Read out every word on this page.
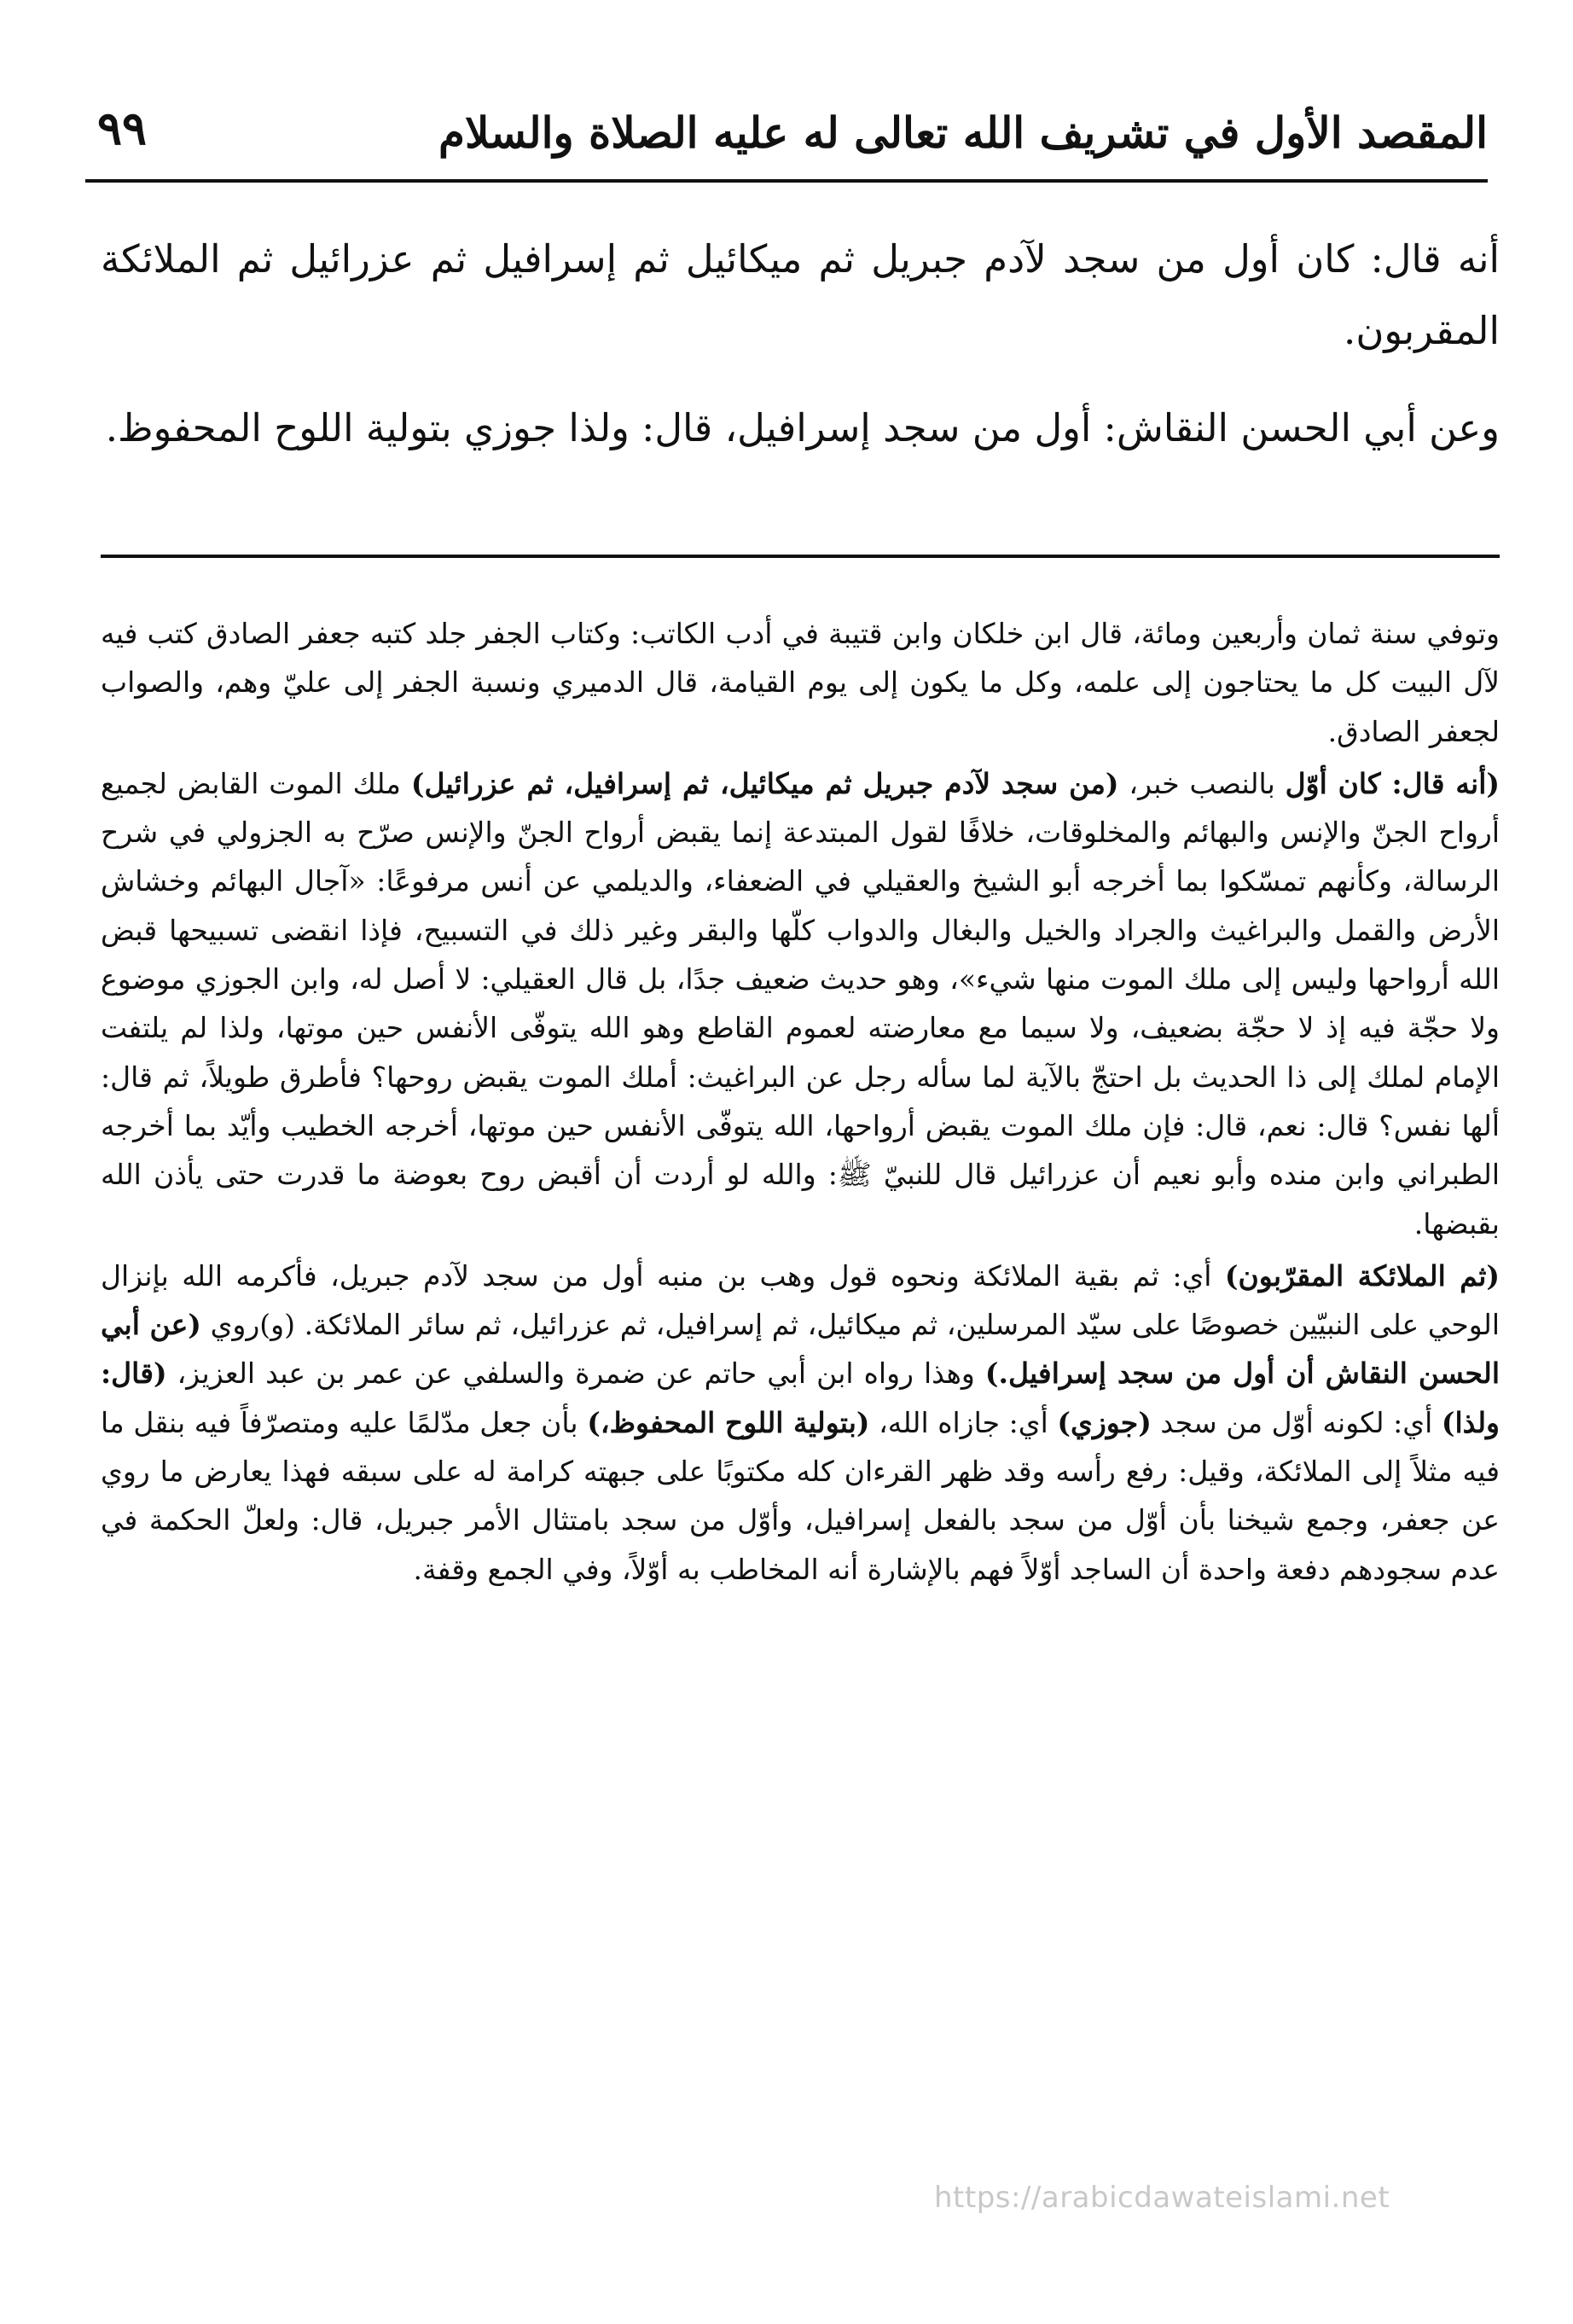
المقصد الأول في تشريف الله تعالى له عليه الصلاة والسلام
٩٩

أنه قال: كان أول من سجد لآدم جبريل ثم ميكائيل ثم إسرافيل ثم عزرائيل ثم الملائكة المقربون.

وعن أبي الحسن النقاش: أول من سجد إسرافيل، قال: ولذا جوزي بتولية اللوح المحفوظ.

وتوفي سنة ثمان وأربعين ومائة، قال ابن خلكان وابن قتيبة في أدب الكاتب: وكتاب الجفر جلد كتبه جعفر الصادق كتب فيه لآل البيت كل ما يحتاجون إلى علمه، وكل ما يكون إلى يوم القيامة، قال الدميري ونسبة الجفر إلى عليّ وهم، والصواب لجعفر الصادق.

(أنه قال: كان أوّل بالنصب خبر، (من سجد لآدم جبريل ثم ميكائيل، ثم إسرافيل، ثم عزرائيل) ملك الموت القابض لجميع أرواح الجنّ والإنس والبهائم والمخلوقات، خلافًا لقول المبتدعة إنما يقبض أرواح الجنّ والإنس صرّح به الجزولي في شرح الرسالة، وكأنهم تمسّكوا بما أخرجه أبو الشيخ والعقيلي في الضعفاء، والديلمي عن أنس مرفوعًا: «آجال البهائم وخشاش الأرض والقمل والبراغيث والجراد والخيل والبغال والدواب كلّها والبقر وغير ذلك في التسبيح، فإذا انقضى تسبيحها قبض الله أرواحها وليس إلى ملك الموت منها شيء»، وهو حديث ضعيف جدًا، بل قال العقيلي: لا أصل له، وابن الجوزي موضوع ولا حجّة فيه إذ لا حجّة بضعيف، ولا سيما مع معارضته لعموم القاطع وهو الله يتوفّى الأنفس حين موتها، ولذا لم يلتفت الإمام لملك إلى ذا الحديث بل احتجّ بالآية لما سأله رجل عن البراغيث: أملك الموت يقبض روحها؟ فأطرق طويلاً، ثم قال: ألها نفس؟ قال: نعم، قال: فإن ملك الموت يقبض أرواحها، الله يتوفّى الأنفس حين موتها، أخرجه الخطيب وأيّد بما أخرجه الطبراني وابن منده وأبو نعيم أن عزرائيل قال للنبيّ ﷺ: والله لو أردت أن أقبض روح بعوضة ما قدرت حتى يأذن الله بقبضها.

(ثم الملائكة المقرّبون) أي: ثم بقية الملائكة ونحوه قول وهب بن منبه أول من سجد لآدم جبريل، فأكرمه الله بإنزال الوحي على النبيّين خصوصًا على سيّد المرسلين، ثم ميكائيل، ثم إسرافيل، ثم عزرائيل، ثم سائر الملائكة. (و)روي (عن أبي الحسن النقاش أن أول من سجد إسرافيل.) وهذا رواه ابن أبي حاتم عن ضمرة والسلفي عن عمر بن عبد العزيز، (قال: ولذا) أي: لكونه أوّل من سجد (جوزي) أي: جازاه الله، (بتولية اللوح المحفوظ،) بأن جعل مدّلمًا عليه ومتصرّفاً فيه بنقل ما فيه مثلاً إلى الملائكة، وقيل: رفع رأسه وقد ظهر القرءان كله مكتوبًا على جبهته كرامة له على سبقه فهذا يعارض ما روي عن جعفر، وجمع شيخنا بأن أوّل من سجد بالفعل إسرافيل، وأوّل من سجد بامتثال الأمر جبريل، قال: ولعلّ الحكمة في عدم سجودهم دفعة واحدة أن الساجد أوّلاً فهم بالإشارة أنه المخاطب به أوّلاً، وفي الجمع وقفة.

https://arabicdawateislami.net
